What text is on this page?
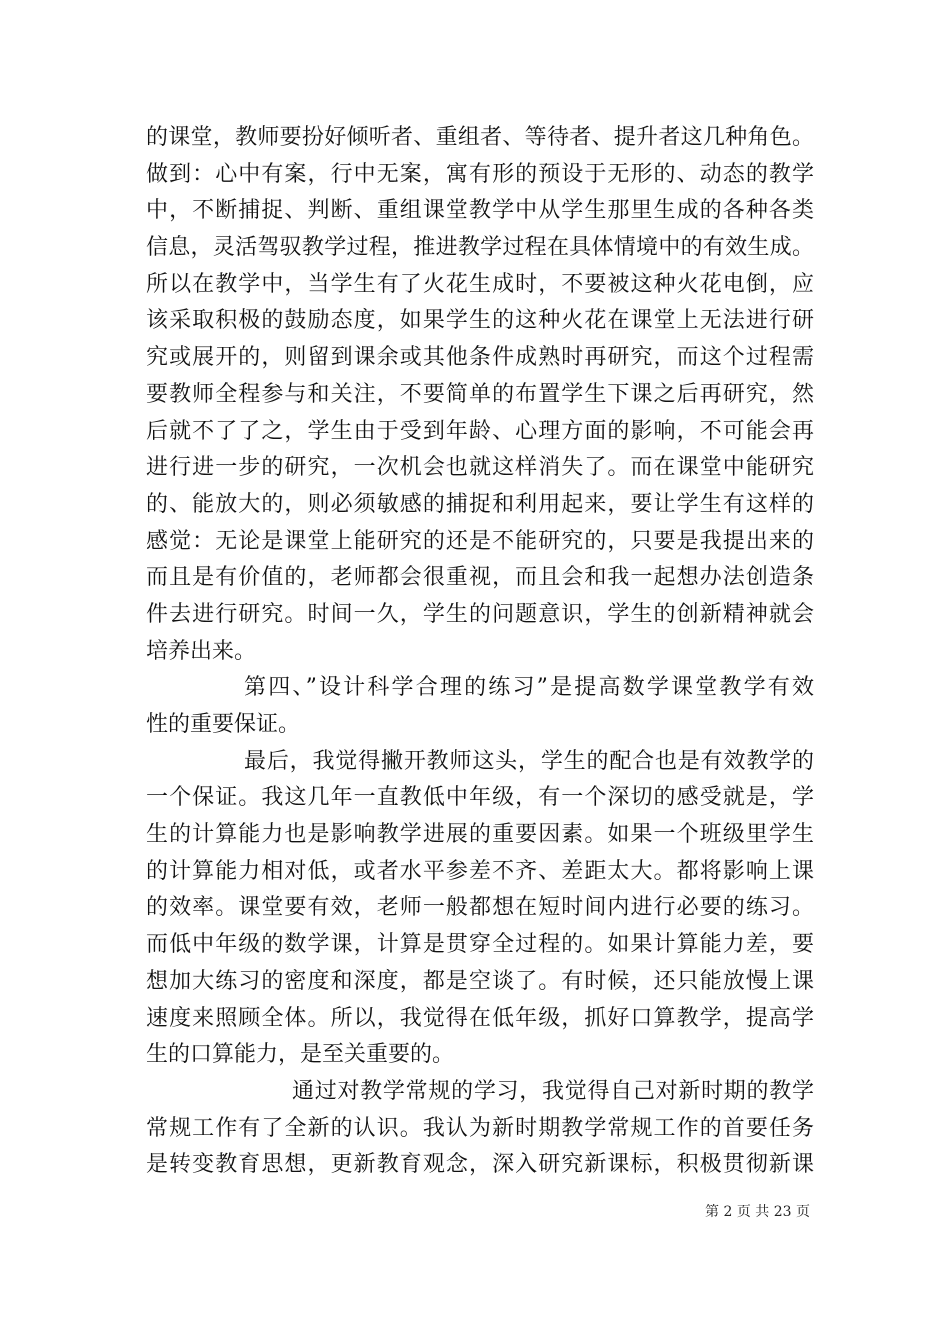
的课堂，教师要扮好倾听者、重组者、等待者、提升者这几种角色。
做到：心中有案，行中无案，寓有形的预设于无形的、动态的教学
中，不断捕捉、判断、重组课堂教学中从学生那里生成的各种各类
信息，灵活驾驭教学过程，推进教学过程在具体情境中的有效生成。
所以在教学中，当学生有了火花生成时，不要被这种火花电倒，应
该采取积极的鼓励态度，如果学生的这种火花在课堂上无法进行研
究或展开的，则留到课余或其他条件成熟时再研究，而这个过程需
要教师全程参与和关注，不要简单的布置学生下课之后再研究，然
后就不了了之，学生由于受到年龄、心理方面的影响，不可能会再
进行进一步的研究，一次机会也就这样消失了。而在课堂中能研究
的、能放大的，则必须敏感的捕捉和利用起来，要让学生有这样的
感觉：无论是课堂上能研究的还是不能研究的，只要是我提出来的
而且是有价值的，老师都会很重视，而且会和我一起想办法创造条
件去进行研究。时间一久，学生的问题意识，学生的创新精神就会
培养出来。
第四、”设计科学合理的练习”是提高数学课堂教学有效
性的重要保证。
最后，我觉得撇开教师这头，学生的配合也是有效教学的
一个保证。我这几年一直教低中年级，有一个深切的感受就是，学
生的计算能力也是影响教学进展的重要因素。如果一个班级里学生
的计算能力相对低，或者水平参差不齐、差距太大。都将影响上课
的效率。课堂要有效，老师一般都想在短时间内进行必要的练习。
而低中年级的数学课，计算是贯穿全过程的。如果计算能力差，要
想加大练习的密度和深度，都是空谈了。有时候，还只能放慢上课
速度来照顾全体。所以，我觉得在低年级，抓好口算教学，提高学
生的口算能力，是至关重要的。
通过对教学常规的学习，我觉得自己对新时期的教学
常规工作有了全新的认识。我认为新时期教学常规工作的首要任务
是转变教育思想，更新教育观念，深入研究新课标，积极贯彻新课
第 2 页 共 23 页
